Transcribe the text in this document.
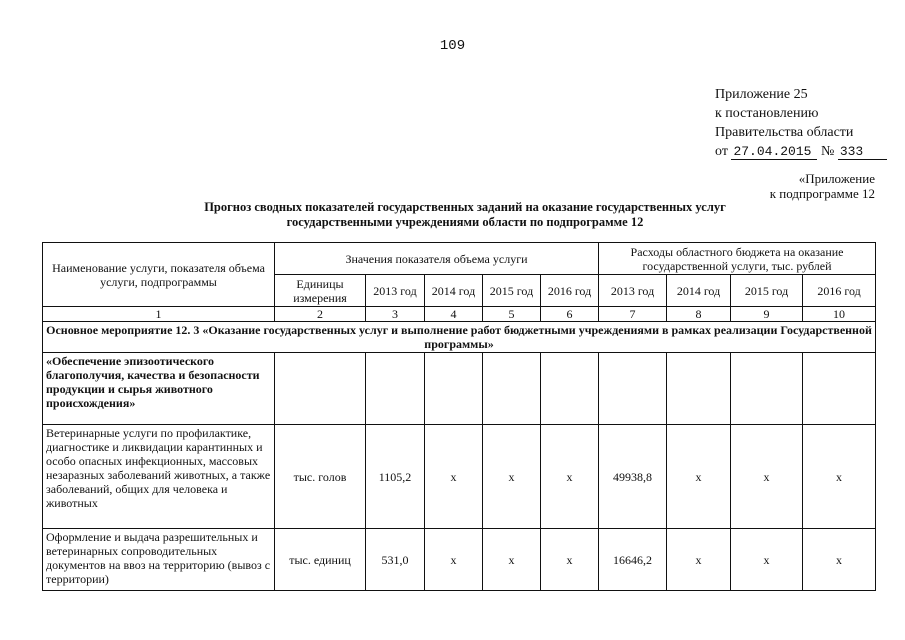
109
Приложение 25
к постановлению
Правительства области
от 27.04.2015 № 333
«Приложение
к подпрограмме 12
Прогноз сводных показателей государственных заданий на оказание государственных услуг
государственными учреждениями области по подпрограмме 12
Наименование услуги, показателя объема услуги, подпрограммы	Значения показателя объема услуги					Расходы областного бюджета на оказание государственной услуги, тыс. рублей			
	Единицы измерения	2013 год	2014 год	2015 год	2016 год	2013 год	2014 год	2015 год	2016 год
1	2	3	4	5	6	7	8	9	10
Основное мероприятие 12. 3 «Оказание государственных услуг и выполнение работ бюджетными учреждениями в рамках реализации Государственной программы»									
«Обеспечение эпизоотического благополучия, качества и безопасности продукции и сырья животного происхождения»									
Ветеринарные услуги по профилактике, диагностике и ликвидации карантинных и особо опасных инфекционных, массовых незаразных заболеваний животных, а также заболеваний, общих для человека и животных	тыс. голов	1105,2	х	х	х	49938,8	х	х	х
Оформление и выдача разрешительных и ветеринарных сопроводительных документов на ввоз на территорию (вывоз с территории)	тыс. единиц	531,0	х	х	х	16646,2	х	х	х
